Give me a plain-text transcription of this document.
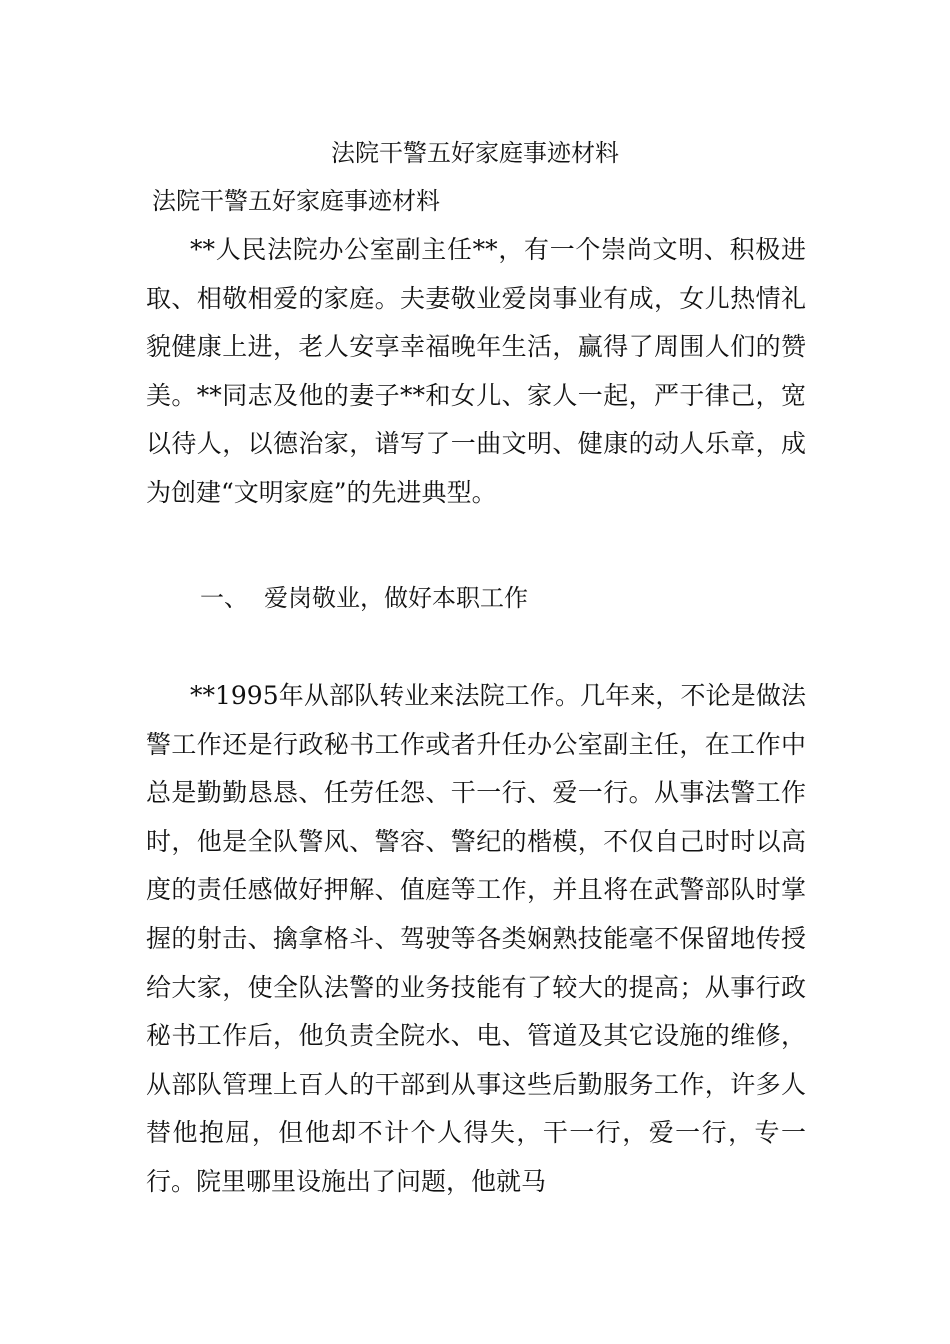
法院干警五好家庭事迹材料
法院干警五好家庭事迹材料

**人民法院办公室副主任**，有一个崇尚文明、积极进取、相敬相爱的家庭。夫妻敬业爱岗事业有成，女儿热情礼貌健康上进，老人安享幸福晚年生活，赢得了周围人们的赞美。**同志及他的妻子**和女儿、家人一起，严于律己，宽以待人，以德治家，谱写了一曲文明、健康的动人乐章，成为创建“文明家庭”的先进典型。

一、 爱岗敬业，做好本职工作

**1995年从部队转业来法院工作。几年来，不论是做法警工作还是行政秘书工作或者升任办公室副主任，在工作中总是勤勤恳恳、任劳任怨、干一行、爱一行。从事法警工作时，他是全队警风、警容、警纪的楷模，不仅自己时时以高度的责任感做好押解、值庭等工作，并且将在武警部队时掌握的射击、擒拿格斗、驾驶等各类娴熟技能毫不保留地传授给大家，使全队法警的业务技能有了较大的提高；从事行政秘书工作后，他负责全院水、电、管道及其它设施的维修，从部队管理上百人的干部到从事这些后勤服务工作，许多人替他抱屈，但他却不计个人得失，干一行，爱一行，专一行。院里哪里设施出了问题，他就马
